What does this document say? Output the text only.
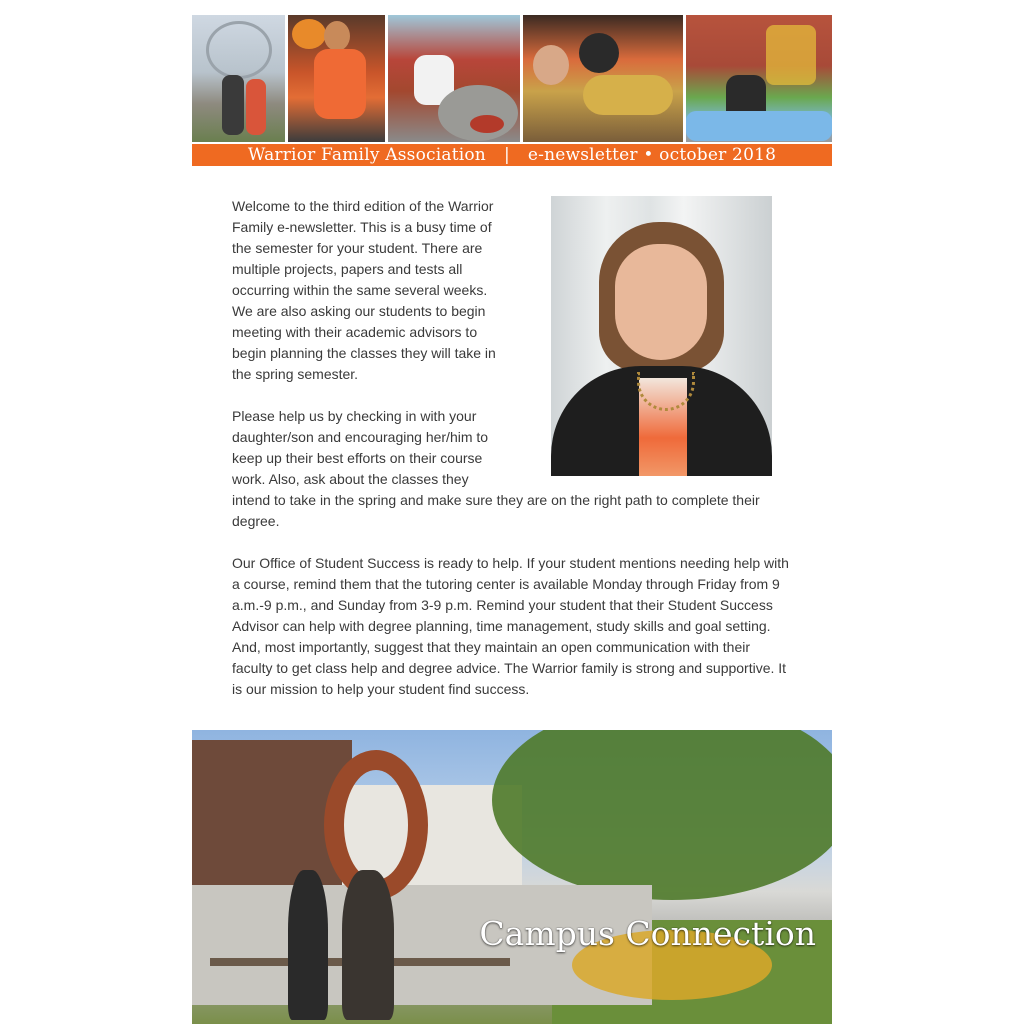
Warrior Family Association | e-newsletter • october 2018

Welcome to the third edition of the Warrior Family e-newsletter. This is a busy time of the semester for your student. There are multiple projects, papers and tests all occurring within the same several weeks. We are also asking our students to begin meeting with their academic advisors to begin planning the classes they will take in the spring semester.

Please help us by checking in with your daughter/son and encouraging her/him to keep up their best efforts on their course work. Also, ask about the classes they intend to take in the spring and make sure they are on the right path to complete their degree.

Our Office of Student Success is ready to help. If your student mentions needing help with a course, remind them that the tutoring center is available Monday through Friday from 9 a.m.-9 p.m., and Sunday from 3-9 p.m. Remind your student that their Student Success Advisor can help with degree planning, time management, study skills and goal setting. And, most importantly, suggest that they maintain an open communication with their faculty to get class help and degree advice. The Warrior family is strong and supportive. It is our mission to help your student find success.

Campus Connection
